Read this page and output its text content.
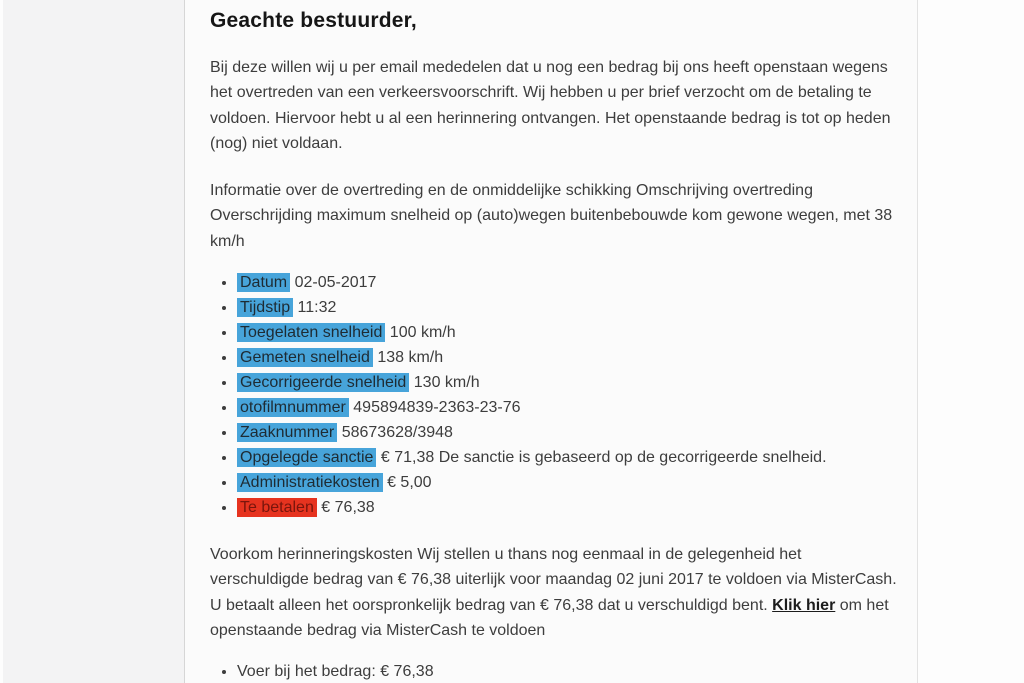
Geachte bestuurder,

Bij deze willen wij u per email mededelen dat u nog een bedrag bij ons heeft openstaan wegens het overtreden van een verkeersvoorschrift. Wij hebben u per brief verzocht om de betaling te voldoen. Hiervoor hebt u al een herinnering ontvangen. Het openstaande bedrag is tot op heden (nog) niet voldaan.

Informatie over de overtreding en de onmiddelijke schikking Omschrijving overtreding Overschrijding maximum snelheid op (auto)wegen buitenbebouwde kom gewone wegen, met 38 km/h

• Datum 02-05-2017
• Tijdstip 11:32
• Toegelaten snelheid 100 km/h
• Gemeten snelheid 138 km/h
• Gecorrigeerde snelheid 130 km/h
• otofilmnummer 495894839-2363-23-76
• Zaaknummer 58673628/3948
• Opgelegde sanctie € 71,38 De sanctie is gebaseerd op de gecorrigeerde snelheid.
• Administratiekosten € 5,00
• Te betalen € 76,38

Voorkom herinneringskosten Wij stellen u thans nog eenmaal in de gelegenheid het verschuldigde bedrag van € 76,38 uiterlijk voor maandag 02 juni 2017 te voldoen via MisterCash. U betaalt alleen het oorspronkelijk bedrag van € 76,38 dat u verschuldigd bent. Klik hier om het openstaande bedrag via MisterCash te voldoen

• Voer bij het bedrag: € 76,38
